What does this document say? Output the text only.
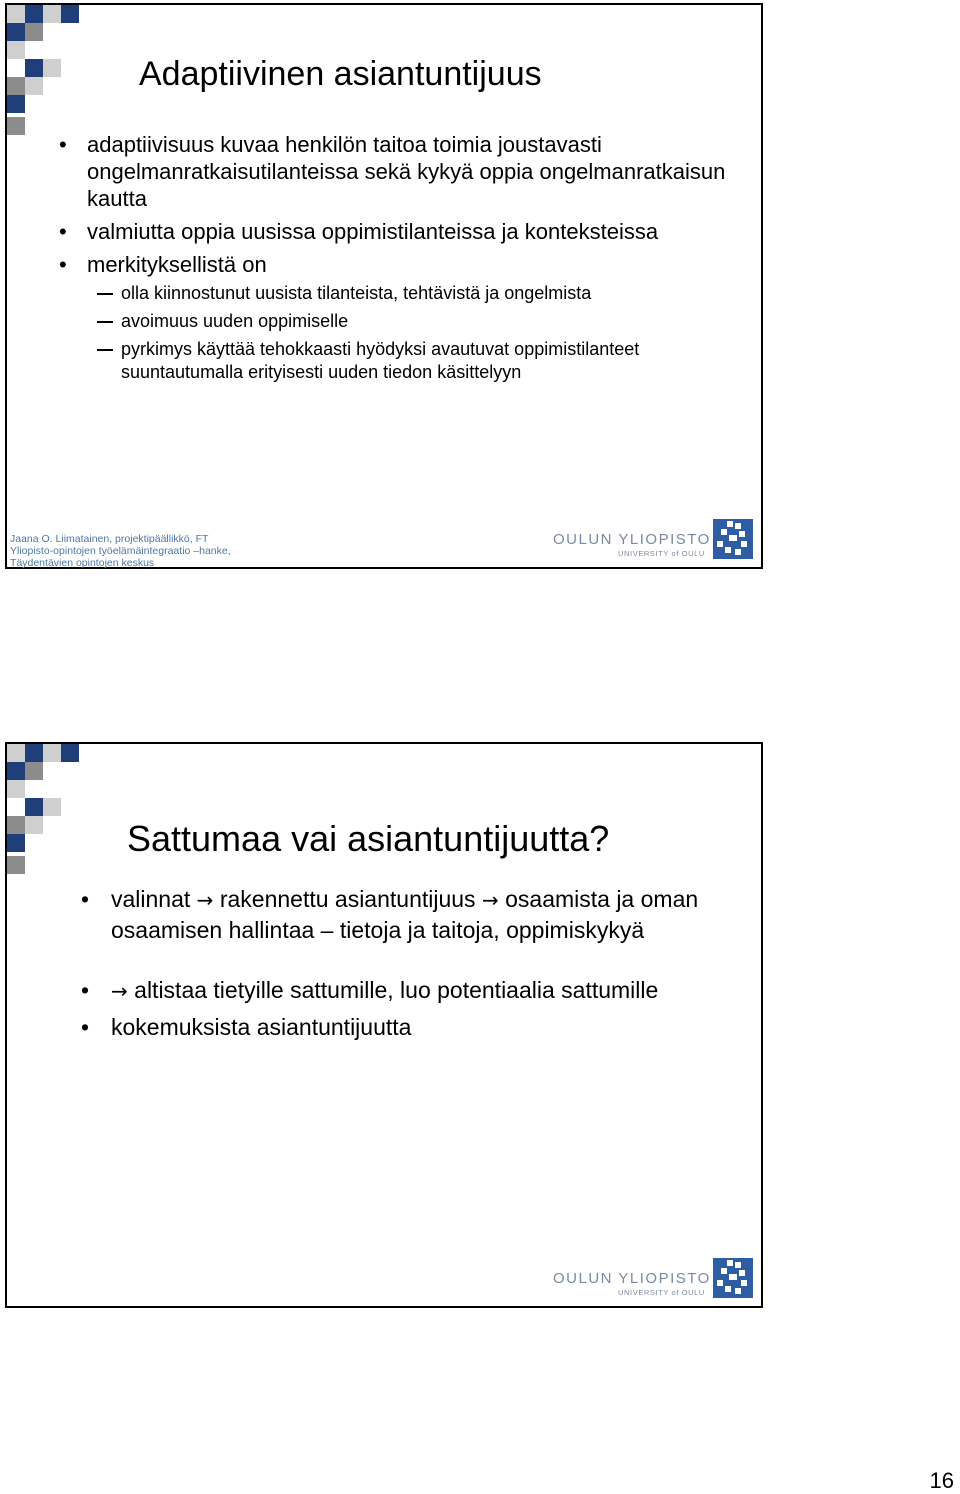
Adaptiivinen asiantuntijuus
• adaptiivisuus kuvaa henkilön taitoa toimia joustavasti ongelmanratkaisutilanteissa sekä kykyä oppia ongelmanratkaisun kautta
• valmiutta oppia uusissa oppimistilanteissa ja konteksteissa
• merkityksellistä on
olla kiinnostunut uusista tilanteista, tehtävistä ja ongelmista
avoimuus uuden oppimiselle
pyrkimys käyttää tehokkaasti hyödyksi avautuvat oppimistilanteet suuntautumalla erityisesti uuden tiedon käsittelyyn
Jaana O. Liimatainen, projektipäällikkö, FT
Yliopisto-opintojen työelämäintegraatio –hanke,
Täydentävien opintojen keskus
OULUN YLIOPISTO
UNIVERSITY of OULU
Sattumaa vai asiantuntijuutta?
• valinnat → rakennettu asiantuntijuus → osaamista ja oman osaamisen hallintaa – tietoja ja taitoja, oppimiskykyä
• → altistaa tietyille sattumille, luo potentiaalia sattumille
• kokemuksista asiantuntijuutta
OULUN YLIOPISTO
UNIVERSITY of OULU
16
